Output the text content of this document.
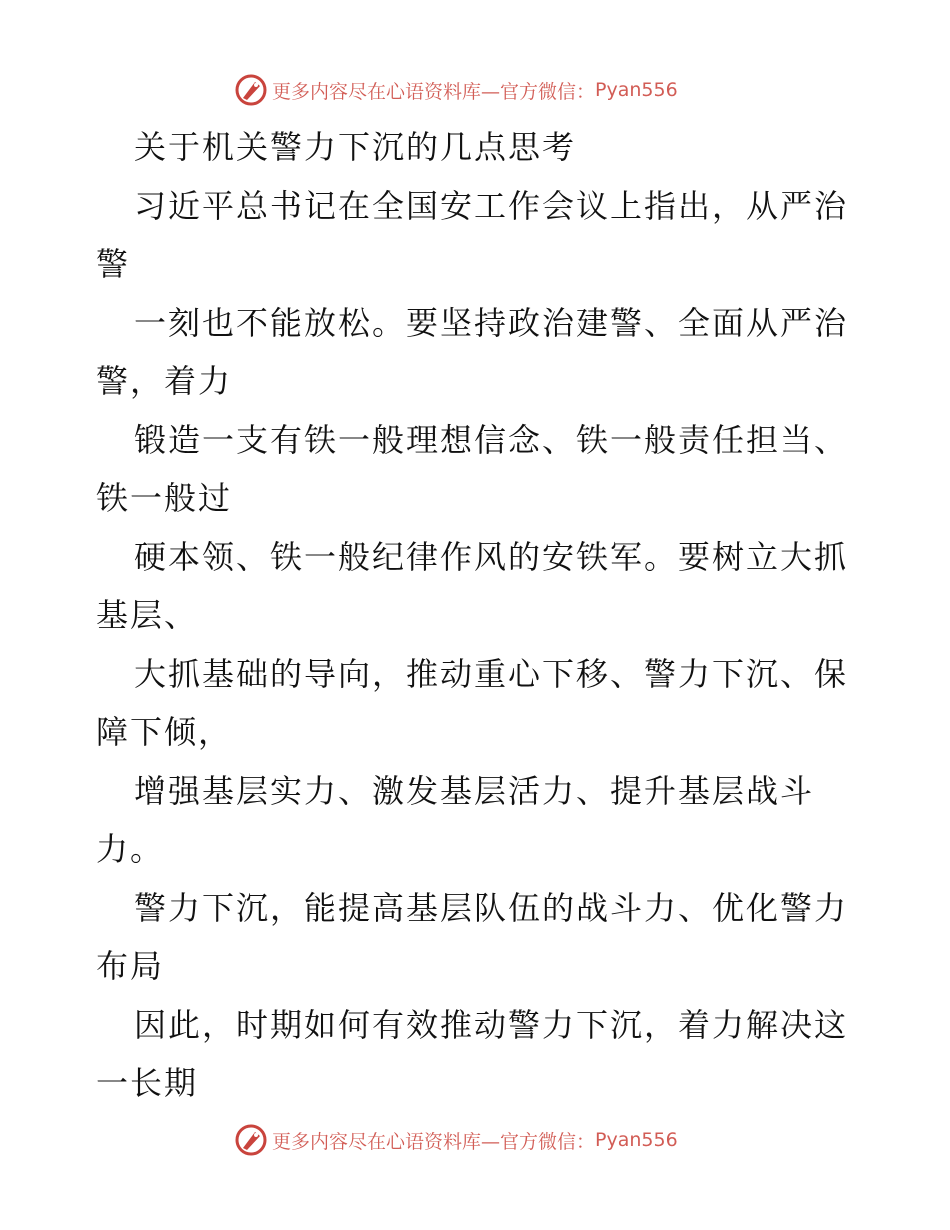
更多内容尽在心语资料库—官方微信： Pyan556
关于机关警力下沉的几点思考
习近平总书记在全国安工作会议上指出，从严治
警
一刻也不能放松。要坚持政治建警、全面从严治
警，着力
锻造一支有铁一般理想信念、铁一般责任担当、
铁一般过
硬本领、铁一般纪律作风的安铁军。要树立大抓
基层、
大抓基础的导向，推动重心下移、警力下沉、保
障下倾，
增强基层实力、激发基层活力、提升基层战斗
力。
警力下沉，能提高基层队伍的战斗力、优化警力
布局
因此，时期如何有效推动警力下沉，着力解决这
一长期
更多内容尽在心语资料库—官方微信： Pyan556
